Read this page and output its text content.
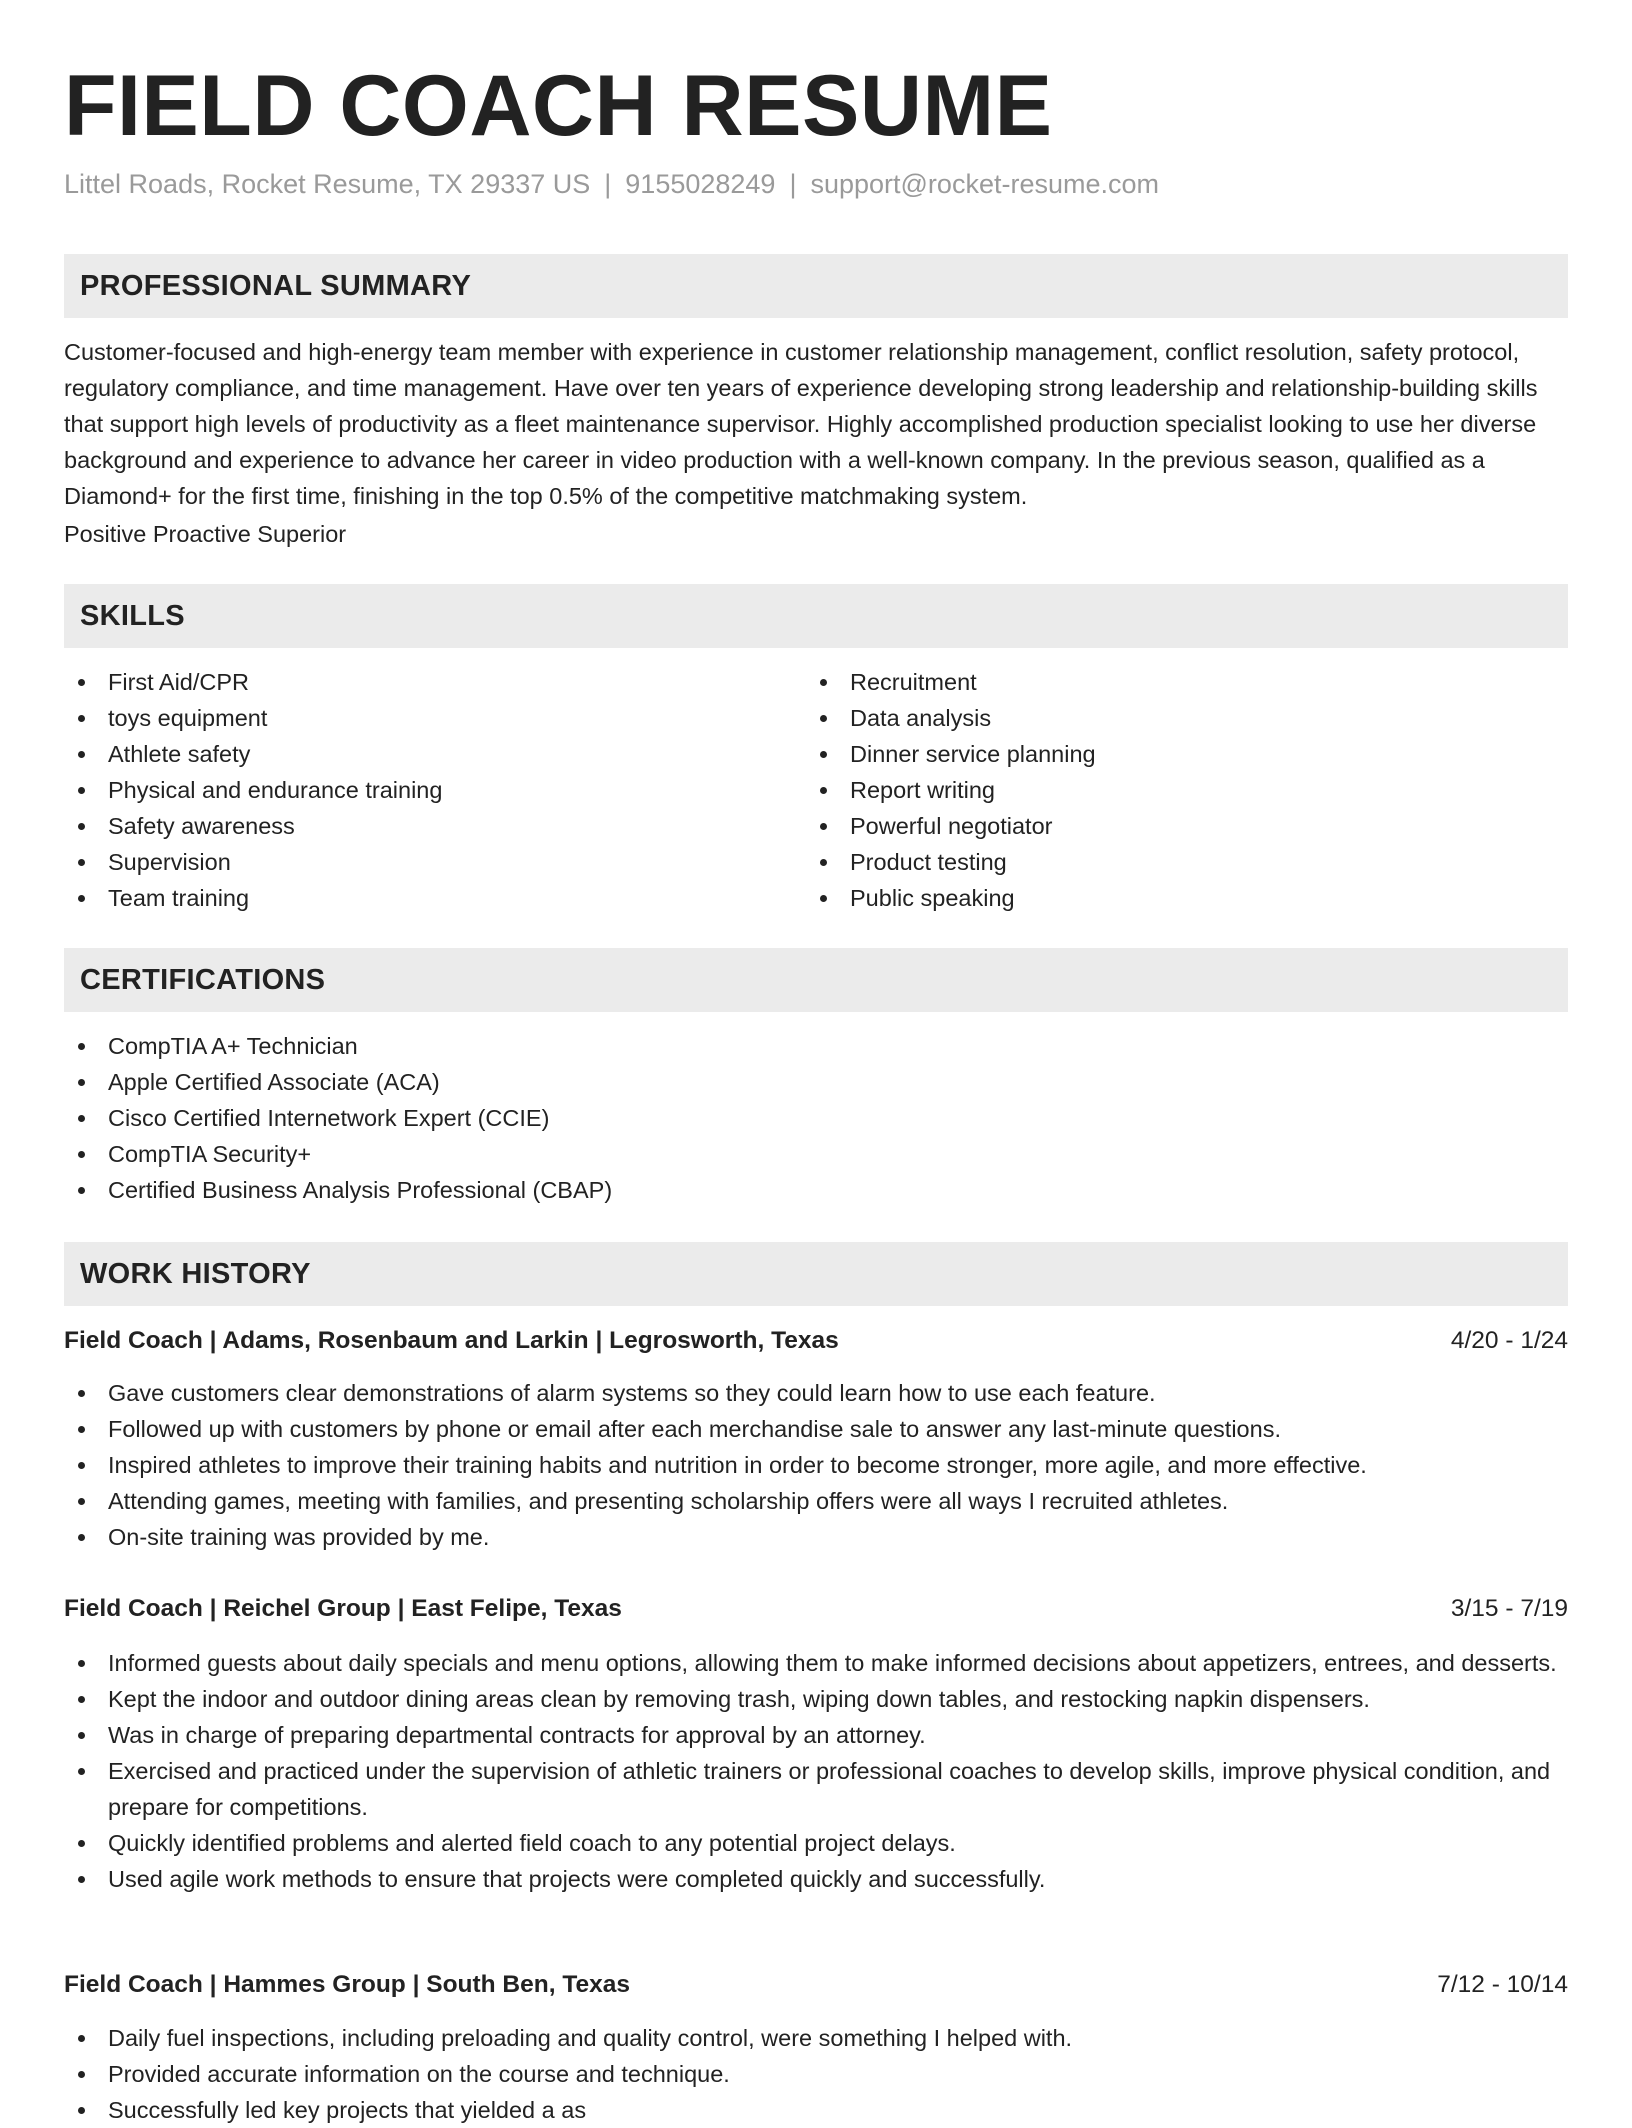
FIELD COACH RESUME
Littel Roads, Rocket Resume, TX 29337 US | 9155028249 | support@rocket-resume.com
PROFESSIONAL SUMMARY

Customer-focused and high-energy team member with experience in customer relationship management, conflict resolution, safety protocol, regulatory compliance, and time management. Have over ten years of experience developing strong leadership and relationship-building skills that support high levels of productivity as a fleet maintenance supervisor. Highly accomplished production specialist looking to use her diverse background and experience to advance her career in video production with a well-known company. In the previous season, qualified as a Diamond+ for the first time, finishing in the top 0.5% of the competitive matchmaking system.

Positive Proactive Superior

SKILLS
First Aid/CPR
toys equipment
Athlete safety
Physical and endurance training
Safety awareness
Supervision
Team training
Recruitment
Data analysis
Dinner service planning
Report writing
Powerful negotiator
Product testing
Public speaking
CERTIFICATIONS
CompTIA A+ Technician
Apple Certified Associate (ACA)
Cisco Certified Internetwork Expert (CCIE)
CompTIA Security+
Certified Business Analysis Professional (CBAP)
WORK HISTORY
Field Coach | Adams, Rosenbaum and Larkin | Legrosworth, Texas	4/20 - 1/24
Gave customers clear demonstrations of alarm systems so they could learn how to use each feature.
Followed up with customers by phone or email after each merchandise sale to answer any last-minute questions.
Inspired athletes to improve their training habits and nutrition in order to become stronger, more agile, and more effective.
Attending games, meeting with families, and presenting scholarship offers were all ways I recruited athletes.
On-site training was provided by me.
Field Coach | Reichel Group | East Felipe, Texas	3/15 - 7/19
Informed guests about daily specials and menu options, allowing them to make informed decisions about appetizers, entrees, and desserts.
Kept the indoor and outdoor dining areas clean by removing trash, wiping down tables, and restocking napkin dispensers.
Was in charge of preparing departmental contracts for approval by an attorney.
Exercised and practiced under the supervision of athletic trainers or professional coaches to develop skills, improve physical condition, and prepare for competitions.
Quickly identified problems and alerted field coach to any potential project delays.
Used agile work methods to ensure that projects were completed quickly and successfully.
Field Coach | Hammes Group | South Ben, Texas	7/12 - 10/14
Daily fuel inspections, including preloading and quality control, were something I helped with.
Provided accurate information on the course and technique.
Successfully led key projects that yielded a as
